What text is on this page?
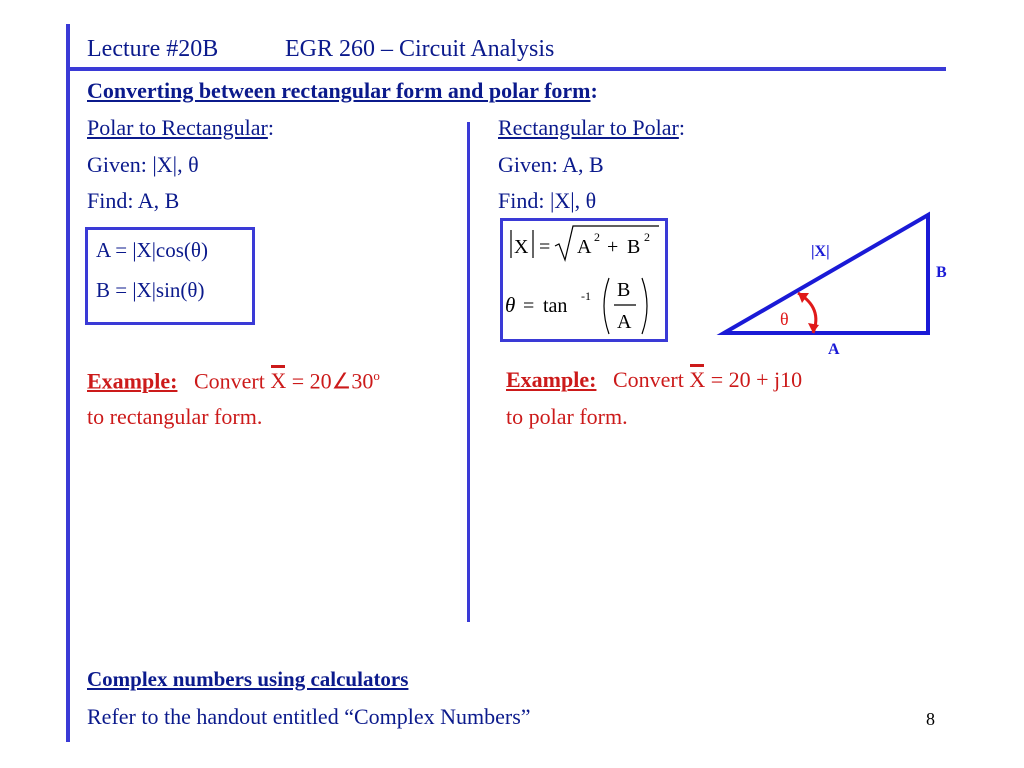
Lecture #20B	EGR 260 – Circuit Analysis
Converting between rectangular form and polar form:
Polar to Rectangular:
Given: |X|, θ
Find: A, B
A = |X|cos(θ)
B = |X|sin(θ)
Example: Convert $X = 20\angle 30^o$
to rectangular form.
Rectangular to Polar:
Given: A, B
Find: |X|, θ
X = A 2 + B 2
θ = tan -1 B
A	θ
|X|
B
A
Example: Convert X = 20 + j10
to polar form.
Complex numbers using calculators
Refer to the handout entitled “Complex Numbers”	8
